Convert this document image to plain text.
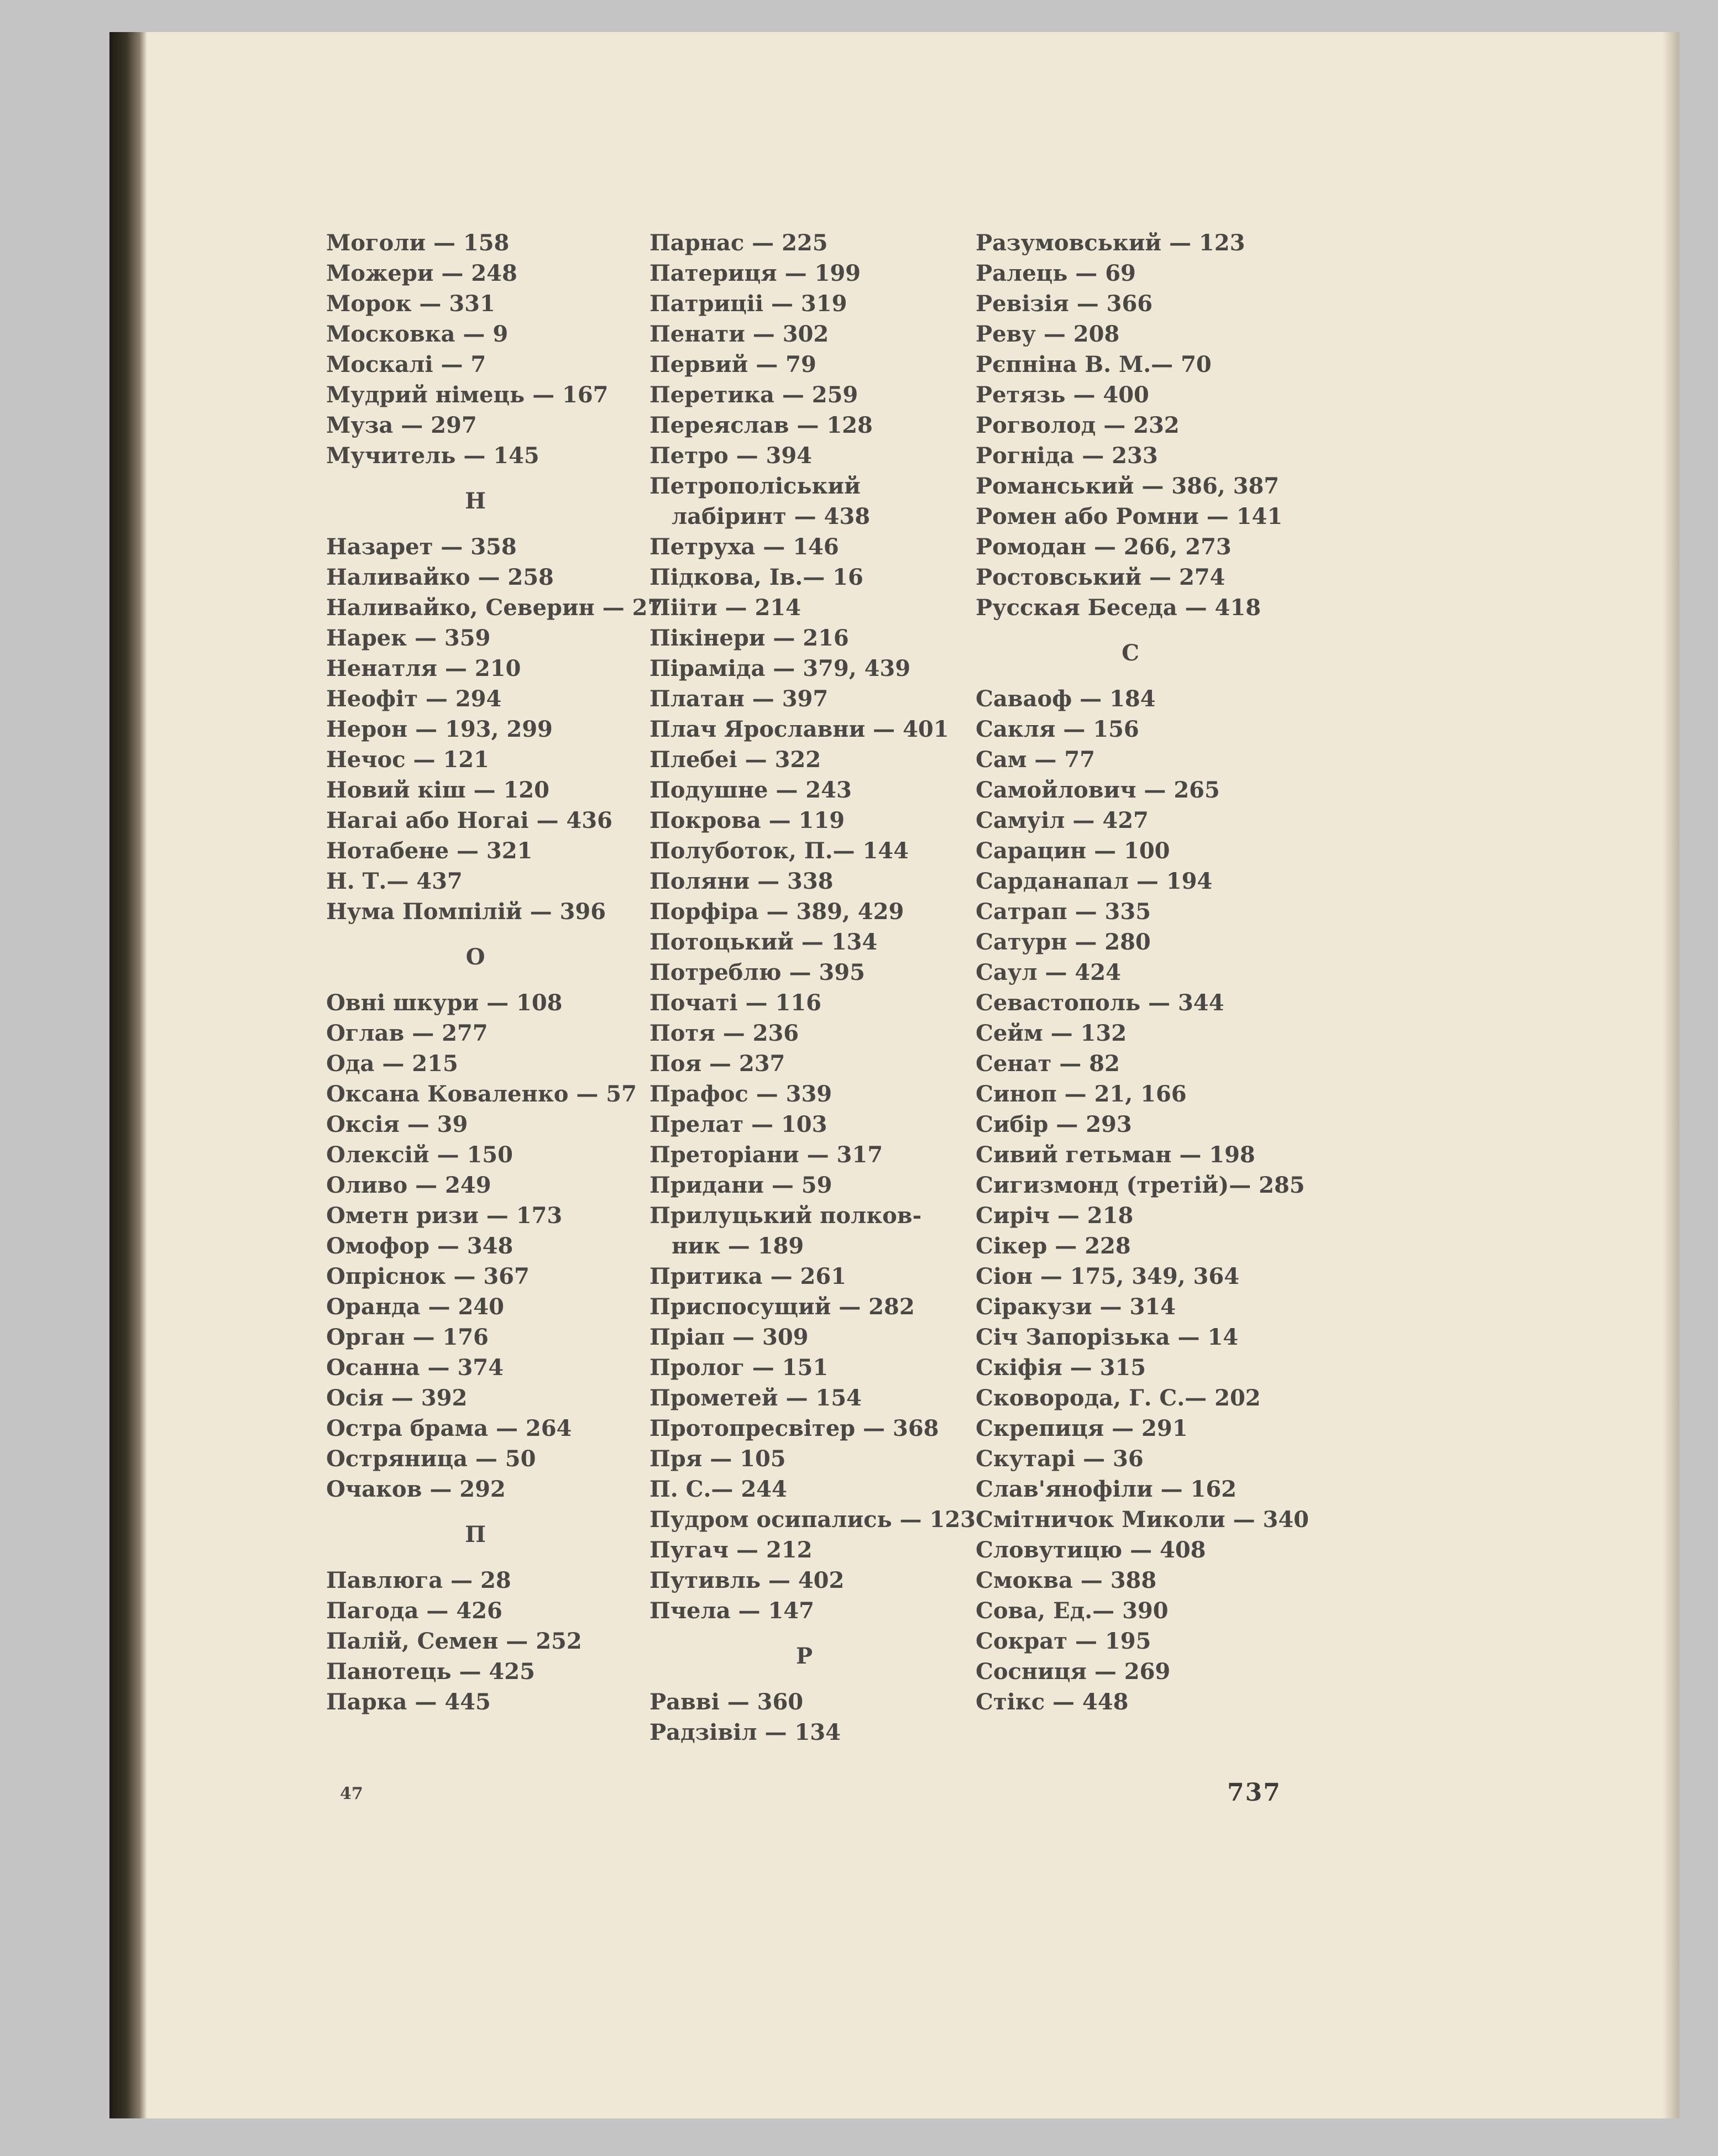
Моголи — 158
Можери — 248
Морок — 331
Московка — 9
Москалі — 7
Мудрий німець — 167
Муза — 297
Мучитель — 145
Н
Назарет — 358
Наливайко — 258
Наливайко, Северин — 27
Нарек — 359
Ненатля — 210
Неофіт — 294
Нерон — 193, 299
Нечос — 121
Новий кіш — 120
Нагаі або Ногаі — 436
Нотабене — 321
Н. Т.— 437
Нума Помпілій — 396
О
Овні шкури — 108
Оглав — 277
Ода — 215
Оксана Коваленко — 57
Оксія — 39
Олексій — 150
Оливо — 249
Ометн ризи — 173
Омофор — 348
Опріснок — 367
Оранда — 240
Орган — 176
Осанна — 374
Осія — 392
Остра брама — 264
Остряница — 50
Очаков — 292
П
Павлюга — 28
Пагода — 426
Палій, Семен — 252
Панотець — 425
Парка — 445
Парнас — 225
Патериця — 199
Патриціі — 319
Пенати — 302
Первий — 79
Перетика — 259
Переяслав — 128
Петро — 394
Петрополіський
лабіринт — 438
Петруха — 146
Підкова, Ів.— 16
Пііти — 214
Пікінери — 216
Піраміда — 379, 439
Платан — 397
Плач Ярославни — 401
Плебеі — 322
Подушне — 243
Покрова — 119
Полуботок, П.— 144
Поляни — 338
Порфіра — 389, 429
Потоцький — 134
Потреблю — 395
Початі — 116
Потя — 236
Поя — 237
Прафос — 339
Прелат — 103
Преторіани — 317
Придани — 59
Прилуцький полков-
ник — 189
Притика — 261
Приспосущий — 282
Пріап — 309
Пролог — 151
Прометей — 154
Протопресвітер — 368
Пря — 105
П. С.— 244
Пудром осипались — 123
Пугач — 212
Путивль — 402
Пчела — 147
Р
Равві — 360
Радзівіл — 134
Разумовський — 123
Ралець — 69
Ревізія — 366
Реву — 208
Рєпніна В. М.— 70
Ретязь — 400
Рогволод — 232
Рогніда — 233
Романський — 386, 387
Ромен або Ромни — 141
Ромодан — 266, 273
Ростовський — 274
Русская Беседа — 418
С
Саваоф — 184
Сакля — 156
Сам — 77
Самойлович — 265
Самуіл — 427
Сарацин — 100
Сарданапал — 194
Сатрап — 335
Сатурн — 280
Саул — 424
Севастополь — 344
Сейм — 132
Сенат — 82
Синоп — 21, 166
Сибір — 293
Сивий гетьман — 198
Сигизмонд (третій)— 285
Сиріч — 218
Сікер — 228
Сіон — 175, 349, 364
Сіракузи — 314
Січ Запорізька — 14
Скіфія — 315
Сковорода, Г. С.— 202
Скрепиця — 291
Скутарі — 36
Слав'янофіли — 162
Смітничок Миколи — 340
Словутицю — 408
Смоква — 388
Сова, Ед.— 390
Сократ — 195
Сосниця — 269
Стікс — 448
47	737
